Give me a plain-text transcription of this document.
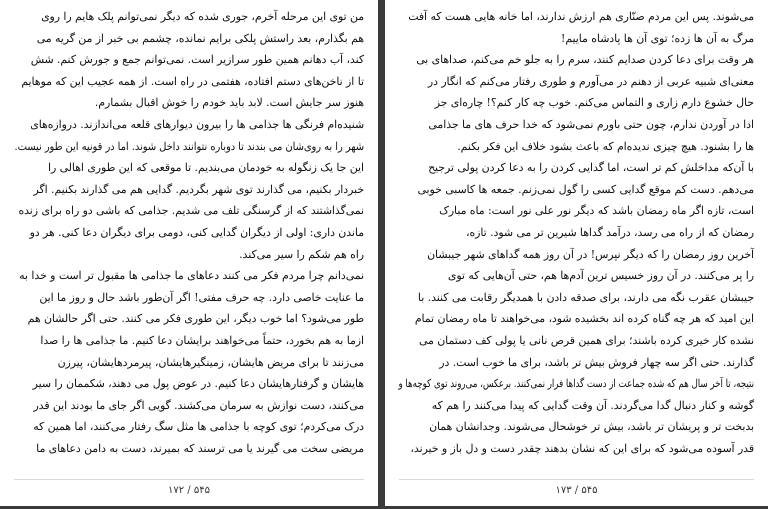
من توی این مرحله آخرم، جوری شده که دیگر نمی‌توانم پلک هایم را روی
هم بگذارم، بعد راستش پلکی برایم نمانده، چشمم بی خبر از من گریه می
کند، آب دهانم همین طور سرازیر است. نمی‌توانم جمع و جورش کنم. شش
تا از ناخن‌های دستم افتاده، هفتمی در راه است. از همه عجیب این که موهایم
هنوز سر جایش است. لابد باید خودم را خوش اقبال بشمارم.
شنیده‌ام فرنگی ها جذامی ها را بیرون دیوارهای قلعه می‌اندازند. دروازه‌های
شهر را به روی‌شان می بندند تا دوباره نتوانند داخل شوند. اما در قونیه این طور نیست.
این جا یک زنگوله به خودمان می‌بندیم. تا موقعی که این طوری اهالی را
خبردار بکنیم، می گذارند توی شهر بگردیم. گدایی هم می گذارند بکنیم. اگر
نمی‌گذاشتند که از گرسنگی تلف می شدیم. جذامی که باشی دو راه برای زنده
ماندن داری: اولی از دیگران گدایی کنی، دومی برای دیگران دعا کنی. هر دو
راه هم شکم را سیر می‌کند.
نمی‌دانم چرا مردم فکر می کنند دعاهای ما جذامی ها مقبول تر است و خدا به
ما عنایت خاصی دارد. چه حرف مفتی! اگر آن‌طور باشد حال و روز ما این
طور می‌شود؟ اما خوب دیگر، این طوری فکر می کنند. حتی اگر حالشان هم
ازما به هم بخورد، حتماً می‌خواهند برایشان دعا کنیم. ما جذامی ها را صدا
می‌زنند تا برای مریض هایشان، زمینگیرهایشان، پیرمردهایشان، پیرزن
هایشان و گرفتارهایشان دعا کنیم. در عوض پول می دهند، شکممان را سیر
می‌کنند، دست نوازش به سرمان می‌کشند. گویی اگر جای ما بودند این قدر
درک می‌کردم؛ توی کوچه با جذامی ها مثل سگ رفتار می‌کنند، اما همین که
مریضی سخت می گیرند یا می ترسند که بمیرند، دست به دامن دعاهای ما
۵۴۵ / ۱۷۲
می‌شوند. پس این مردم صنّاری هم ارزش ندارند، اما خانه هایی هست که آفت
مرگ به آن ها زده؛ توی آن ها پادشاه ماییم!
هر وقت برای دعا کردن صدایم کنند، سرم را به جلو خم می‌کنم، صداهای بی
معنی‌ای شبیه عربی از دهنم در می‌آورم و طوری رفتار می‌کنم که انگار در
حال خشوع دارم زاری و التماس می‌کنم. خوب چه کار کنم؟! چاره‌ای جز
ادا در آوردن ندارم، چون حتی باورم نمی‌شود که خدا حرف های ما جذامی
ها را بشنود. هیچ چیزی ندیده‌ام که باعث بشود خلاف این فکر بکنم.
با آن‌که مداخلش کم تر است، اما گدایی کردن را به دعا کردن پولی ترجیح
می‌دهم. دست کم موقع گدایی کسی را گول نمی‌زنم. جمعه ها کاسبی خوبی
است، تازه اگر ماه رمضان باشد که دیگر نور علی نور است: ماه مبارک
رمضان که از راه می رسد، درآمد گداها شیرین تر می شود. تازه،
آخرین روز رمضان را که دیگر نپرس! در آن روز همه گداهای شهر جیبشان
را پر می‌کنند. در آن روز خسیس ترین آدم‌ها هم، حتی آن‌هایی که توی
جیبشان عقرب نگه می دارند، برای صدقه دادن با همدیگر رقابت می کنند. با
این امید که هر چه گناه کرده اند بخشیده شود، می‌خواهند تا ماه رمضان تمام
نشده کار خیری کرده باشند؛ برای همین قرص نانی یا پولی کف دستمان می
گذارند. حتی اگر سه چهار فروش بیش تر باشد، برای ما خوب است. در
نتیجه، تا آخر سال هم که شده جماعت از دست گداها فرار نمی‌کنند. برعکس، می‌روند توی کوچه‌ها و
گوشه و کنار دنبال گدا می‌گردند. آن وقت گدایی که پیدا می‌کنند را هم که
بدبخت تر و پریشان تر باشد، بیش تر خوشحال می‌شوند. وجدانشان همان
قدر آسوده می‌شود که برای این که نشان بدهند چقدر دست و دل باز و خیرند،
۵۴۵ / ۱۷۳
